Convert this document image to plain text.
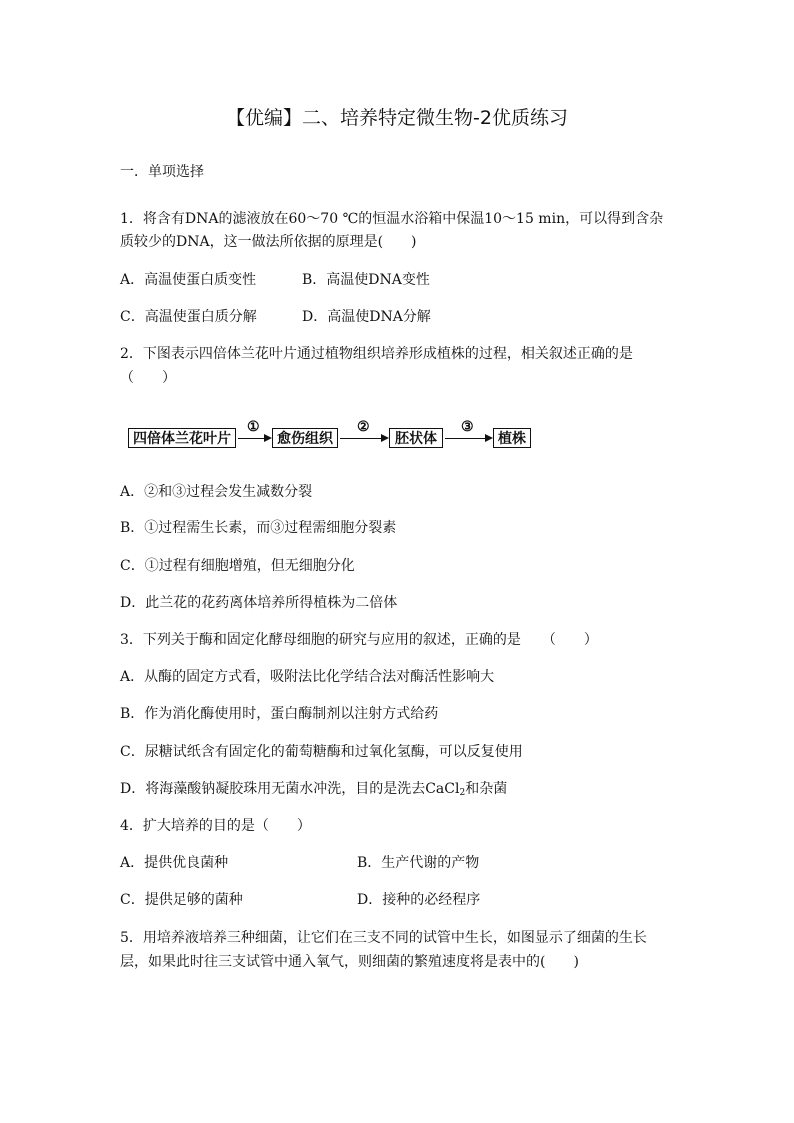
【优编】二、培养特定微生物-2优质练习
一．单项选择
1．将含有DNA的滤液放在60～70 ℃的恒温水浴箱中保温10～15 min，可以得到含杂
质较少的DNA，这一做法所依据的原理是(　　)
A．高温使蛋白质变性	B．高温使DNA变性
C．高温使蛋白质分解	D．高温使DNA分解
2．下图表示四倍体兰花叶片通过植物组织培养形成植株的过程，相关叙述正确的是
（　　）
四倍体兰花叶片
①
愈伤组织
②
胚状体
③
植株
A．②和③过程会发生减数分裂
B．①过程需生长素，而③过程需细胞分裂素
C．①过程有细胞增殖，但无细胞分化
D．此兰花的花药离体培养所得植株为二倍体
3．下列关于酶和固定化酵母细胞的研究与应用的叙述，正确的是　　（　　）
A．从酶的固定方式看，吸附法比化学结合法对酶活性影响大
B．作为消化酶使用时，蛋白酶制剂以注射方式给药
C．尿糖试纸含有固定化的葡萄糖酶和过氧化氢酶，可以反复使用
D．将海藻酸钠凝胶珠用无菌水冲洗，目的是洗去CaCl$_2$和杂菌
4．扩大培养的目的是（　　）
A．提供优良菌种	B．生产代谢的产物
C．提供足够的菌种	D．接种的必经程序
5．用培养液培养三种细菌，让它们在三支不同的试管中生长，如图显示了细菌的生长
层，如果此时往三支试管中通入氧气，则细菌的繁殖速度将是表中的(　　)
